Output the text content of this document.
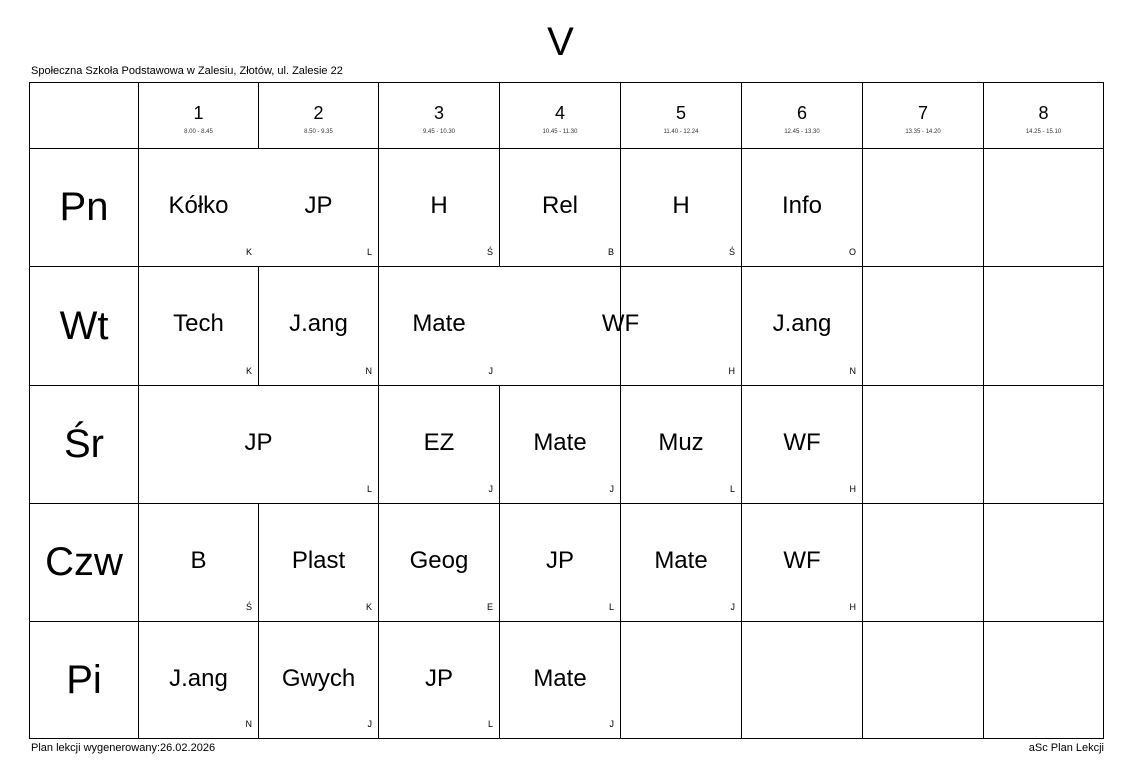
V
Społeczna Szkoła Podstawowa w Zalesiu, Złotów, ul. Zalesie 22
1
8.00 - 8.45
2
8.50 - 9.35
3
9.45 - 10.30
4
10.45 - 11.30
5
11.40 - 12.24
6
12.45 - 13.30
7
13.35 - 14.20
8
14.25 - 15.10
Pn
Wt
Śr
Czw
Pi
Kółko
K
JP
L
H
Ś
Rel
B
H
Ś
Info
O
Tech
K
J.ang
N
Mate
J
WF
H
J.ang
N
JP
L
EZ
J
Mate
J
Muz
L
WF
H
B
Ś
Plast
K
Geog
E
JP
L
Mate
J
WF
H
J.ang
N
Gwych
J
JP
L
Mate
J
Plan lekcji wygenerowany:26.02.2026	aSc Plan Lekcji
